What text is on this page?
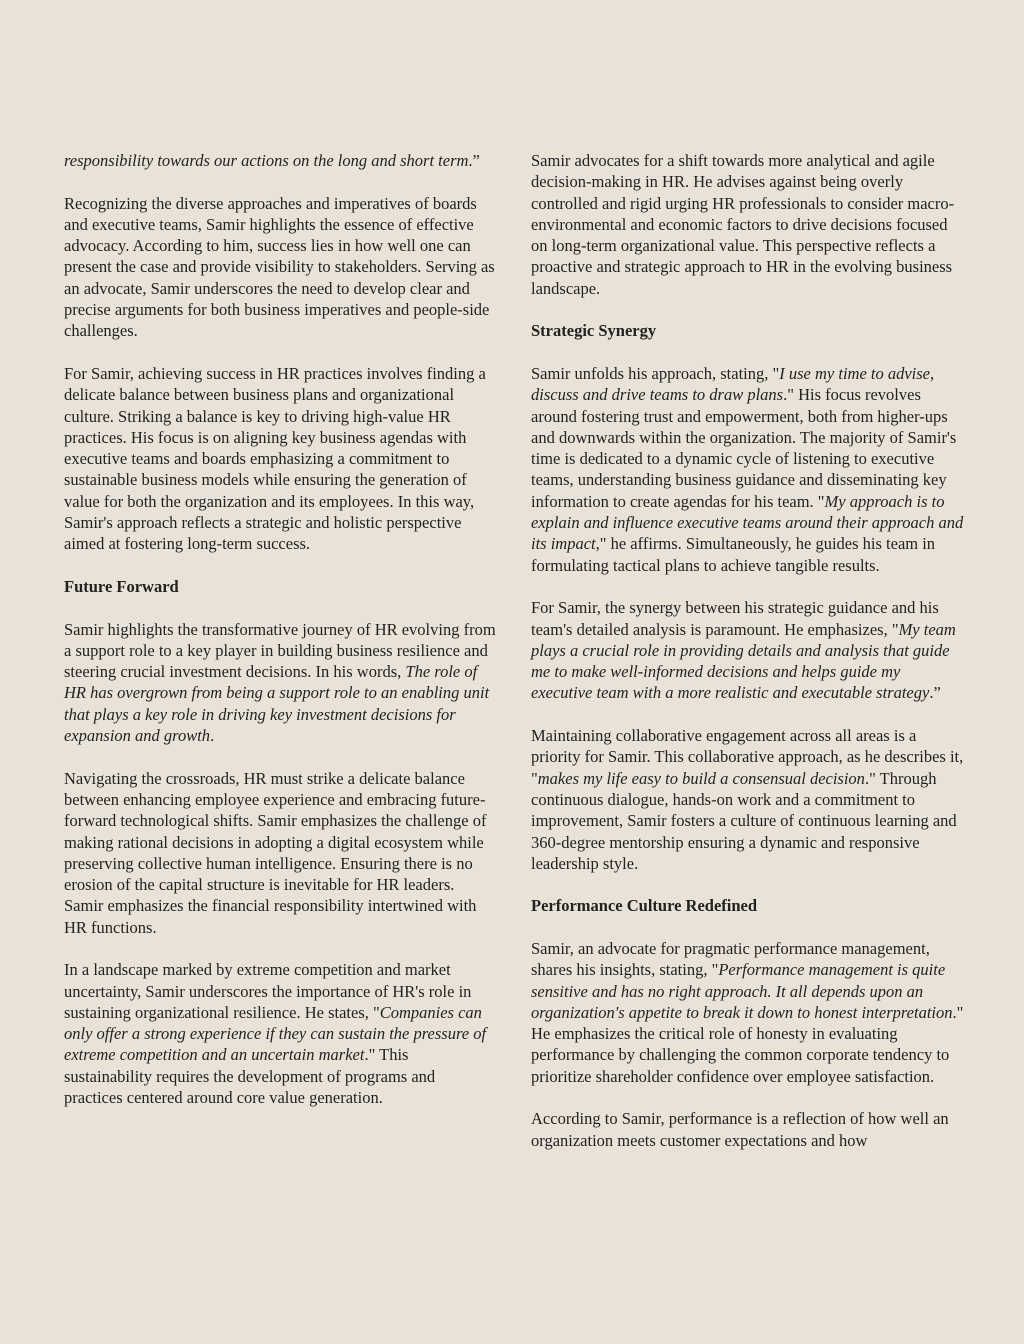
responsibility towards our actions on the long and short term.”

Recognizing the diverse approaches and imperatives of boards and executive teams, Samir highlights the essence of effective advocacy. According to him, success lies in how well one can present the case and provide visibility to stakeholders. Serving as an advocate, Samir underscores the need to develop clear and precise arguments for both business imperatives and people-side challenges.

For Samir, achieving success in HR practices involves finding a delicate balance between business plans and organizational culture. Striking a balance is key to driving high-value HR practices. His focus is on aligning key business agendas with executive teams and boards emphasizing a commitment to sustainable business models while ensuring the generation of value for both the organization and its employees. In this way, Samir's approach reflects a strategic and holistic perspective aimed at fostering long-term success.

Future Forward

Samir highlights the transformative journey of HR evolving from a support role to a key player in building business resilience and steering crucial investment decisions. In his words, The role of HR has overgrown from being a support role to an enabling unit that plays a key role in driving key investment decisions for expansion and growth.

Navigating the crossroads, HR must strike a delicate balance between enhancing employee experience and embracing future-forward technological shifts. Samir emphasizes the challenge of making rational decisions in adopting a digital ecosystem while preserving collective human intelligence. Ensuring there is no erosion of the capital structure is inevitable for HR leaders. Samir emphasizes the financial responsibility intertwined with HR functions.

In a landscape marked by extreme competition and market uncertainty, Samir underscores the importance of HR's role in sustaining organizational resilience. He states, "Companies can only offer a strong experience if they can sustain the pressure of extreme competition and an uncertain market." This sustainability requires the development of programs and practices centered around core value generation.

Samir advocates for a shift towards more analytical and agile decision-making in HR. He advises against being overly controlled and rigid urging HR professionals to consider macro-environmental and economic factors to drive decisions focused on long-term organizational value. This perspective reflects a proactive and strategic approach to HR in the evolving business landscape.

Strategic Synergy

Samir unfolds his approach, stating, "I use my time to advise, discuss and drive teams to draw plans." His focus revolves around fostering trust and empowerment, both from higher-ups and downwards within the organization. The majority of Samir's time is dedicated to a dynamic cycle of listening to executive teams, understanding business guidance and disseminating key information to create agendas for his team. "My approach is to explain and influence executive teams around their approach and its impact," he affirms. Simultaneously, he guides his team in formulating tactical plans to achieve tangible results.

For Samir, the synergy between his strategic guidance and his team's detailed analysis is paramount. He emphasizes, "My team plays a crucial role in providing details and analysis that guide me to make well-informed decisions and helps guide my executive team with a more realistic and executable strategy.”

Maintaining collaborative engagement across all areas is a priority for Samir. This collaborative approach, as he describes it, "makes my life easy to build a consensual decision." Through continuous dialogue, hands-on work and a commitment to improvement, Samir fosters a culture of continuous learning and 360-degree mentorship ensuring a dynamic and responsive leadership style.

Performance Culture Redefined

Samir, an advocate for pragmatic performance management, shares his insights, stating, "Performance management is quite sensitive and has no right approach. It all depends upon an organization's appetite to break it down to honest interpretation." He emphasizes the critical role of honesty in evaluating performance by challenging the common corporate tendency to prioritize shareholder confidence over employee satisfaction.

According to Samir, performance is a reflection of how well an organization meets customer expectations and how
